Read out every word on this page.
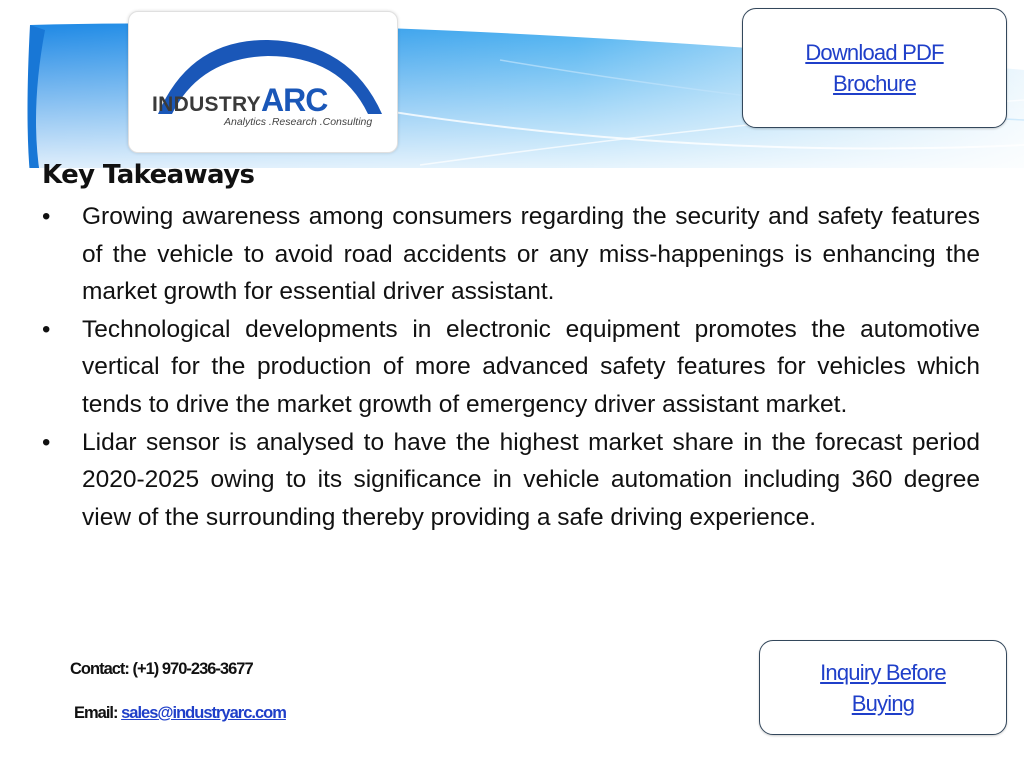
INDUSTRYARC
Analytics .Research .Consulting
Download PDF
Brochure
Key Takeaways
• Growing awareness among consumers regarding the security and safety features of the vehicle to avoid road accidents or any miss-happenings is enhancing the market growth for essential driver assistant.
• Technological developments in electronic equipment promotes the automotive vertical for the production of more advanced safety features for vehicles which tends to drive the market growth of emergency driver assistant market.
• Lidar sensor is analysed to have the highest market share in the forecast period 2020-2025 owing to its significance in vehicle automation including 360 degree view of the surrounding thereby providing a safe driving experience.
Contact: (+1) 970-236-3677
Email: sales@industryarc.com
Inquiry Before
Buying
